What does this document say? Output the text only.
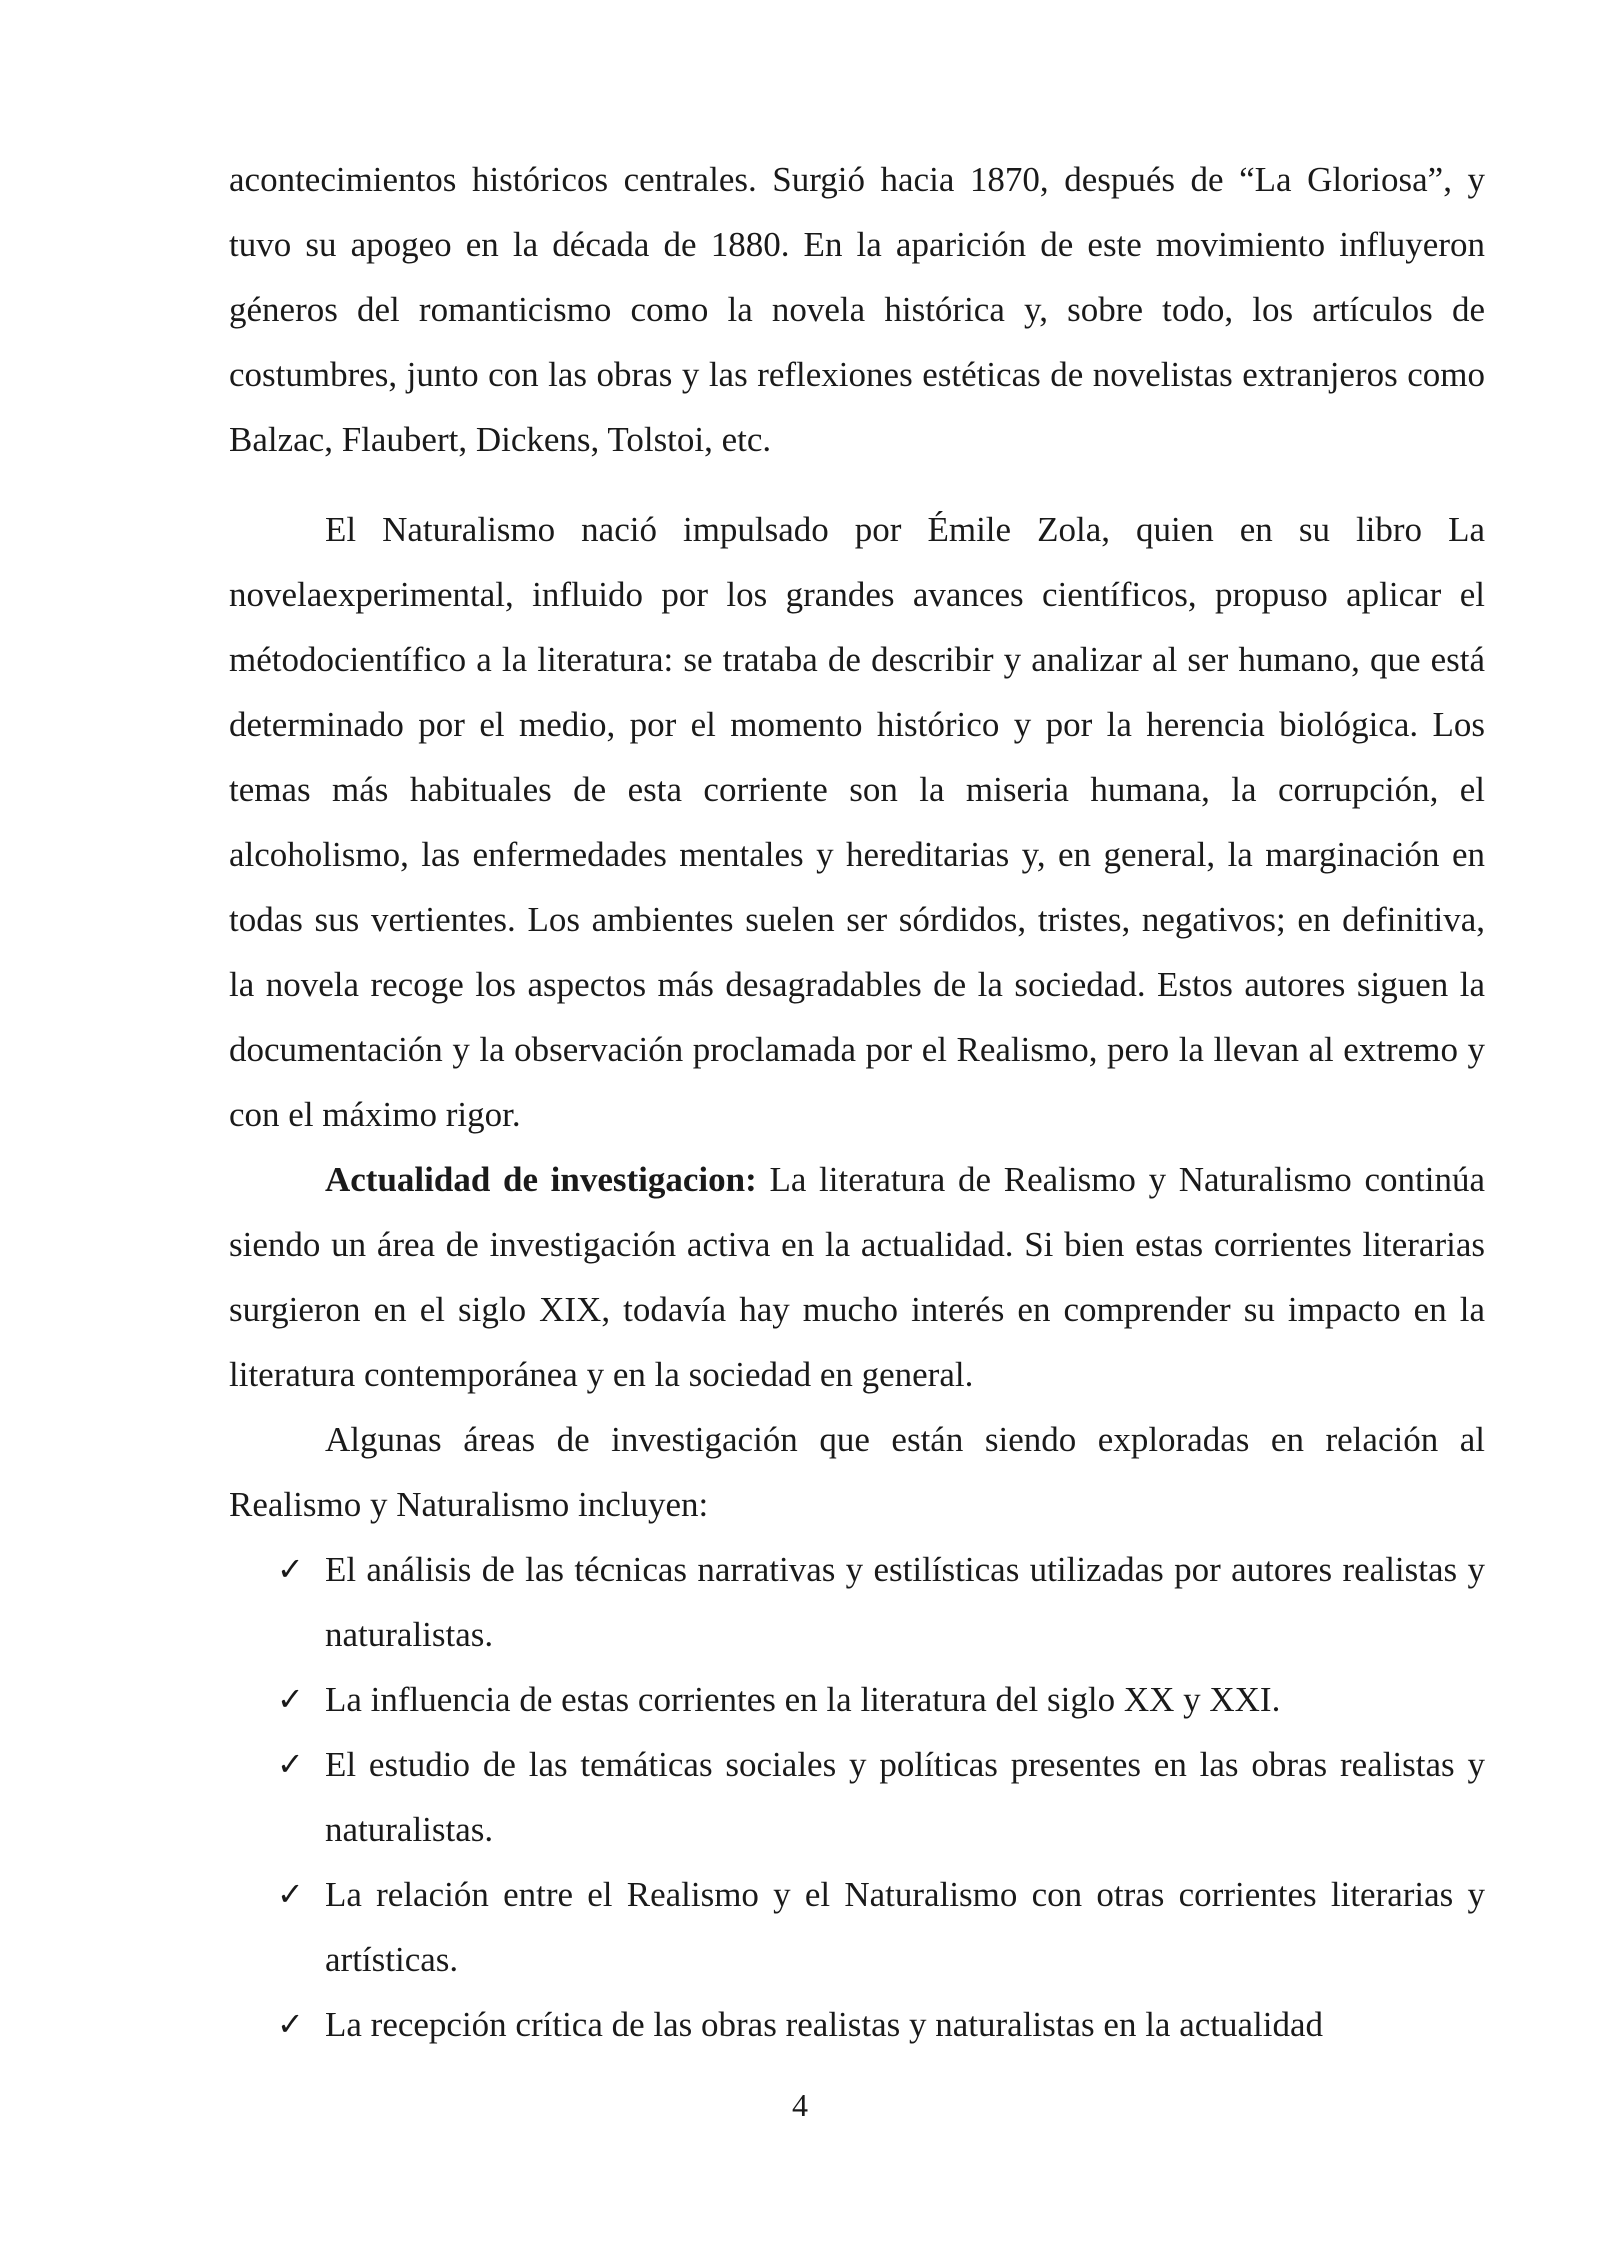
acontecimientos históricos centrales. Surgió hacia 1870, después de “La Gloriosa”, y tuvo su apogeo en la década de 1880. En la aparición de este movimiento influyeron géneros del romanticismo como la novela histórica y, sobre todo, los artículos de costumbres, junto con las obras y las reflexiones estéticas de novelistas extranjeros como Balzac, Flaubert, Dickens, Tolstoi, etc.

El Naturalismo nació impulsado por Émile Zola, quien en su libro La novelaexperimental, influido por los grandes avances científicos, propuso aplicar el métodocientífico a la literatura: se trataba de describir y analizar al ser humano, que está determinado por el medio, por el momento histórico y por la herencia biológica. Los temas más habituales de esta corriente son la miseria humana, la corrupción, el alcoholismo, las enfermedades mentales y hereditarias y, en general, la marginación en todas sus vertientes. Los ambientes suelen ser sórdidos, tristes, negativos; en definitiva, la novela recoge los aspectos más desagradables de la sociedad. Estos autores siguen la documentación y la observación proclamada por el Realismo, pero la llevan al extremo y con el máximo rigor.

Actualidad de investigacion: La literatura de Realismo y Naturalismo continúa siendo un área de investigación activa en la actualidad. Si bien estas corrientes literarias surgieron en el siglo XIX, todavía hay mucho interés en comprender su impacto en la literatura contemporánea y en la sociedad en general.

Algunas áreas de investigación que están siendo exploradas en relación al Realismo y Naturalismo incluyen:

✓ El análisis de las técnicas narrativas y estilísticas utilizadas por autores realistas y naturalistas.
✓ La influencia de estas corrientes en la literatura del siglo XX y XXI.
✓ El estudio de las temáticas sociales y políticas presentes en las obras realistas y naturalistas.
✓ La relación entre el Realismo y el Naturalismo con otras corrientes literarias y artísticas.
✓ La recepción crítica de las obras realistas y naturalistas en la actualidad
4
